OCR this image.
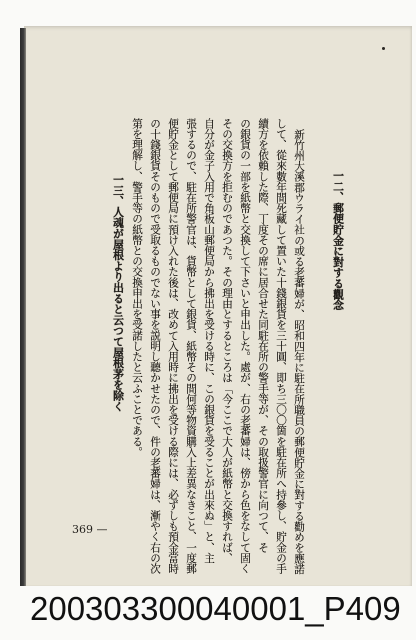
一二、郵便貯金に對する觀念
新竹州大溪郡ウライ社の或る老蕃婦が、昭和四年に駐在所職員の郵便貯金に對する勸めを應諾
して、從來數年間死藏して置いた十錢銀貨を三十圓、即ち三〇〇箇を駐在所へ持參し、貯金の手
續方を依賴した際、丁度その席に居合せた同駐在所の警手等が、その取扱警官に向つて、そ
の銀貨の一部を紙幣と交換して下さいと申出した。處が、右の老蕃婦は、傍から色をなして固く
その交換方を拒むのであつた。その理由とするところは「今ここで大人が紙幣と交換すれば、
自分が金子入用で角板山郵便局から拂出を受ける時に、この銀貨を受ることが出來ぬ」と、主
張するので、駐在所警官は、貨幣として銀貨、紙幣その間何等物資購入上差異なきこと、一度郵
便貯金として郵便局に預け入れた後は、改めて入用時に拂出を受ける際には、必ずしも預金當時
の十錢銀貨そのもので受取るものでない事を説明し聽かせたので、件の老蕃婦は、漸やく右の次
第を理解し、警手等の紙幣との交換申出を受諾したと云ふことである。
一三、人魂が屋根より出ると云つて屋根茅を除く
369 —
200303300040001_P409
